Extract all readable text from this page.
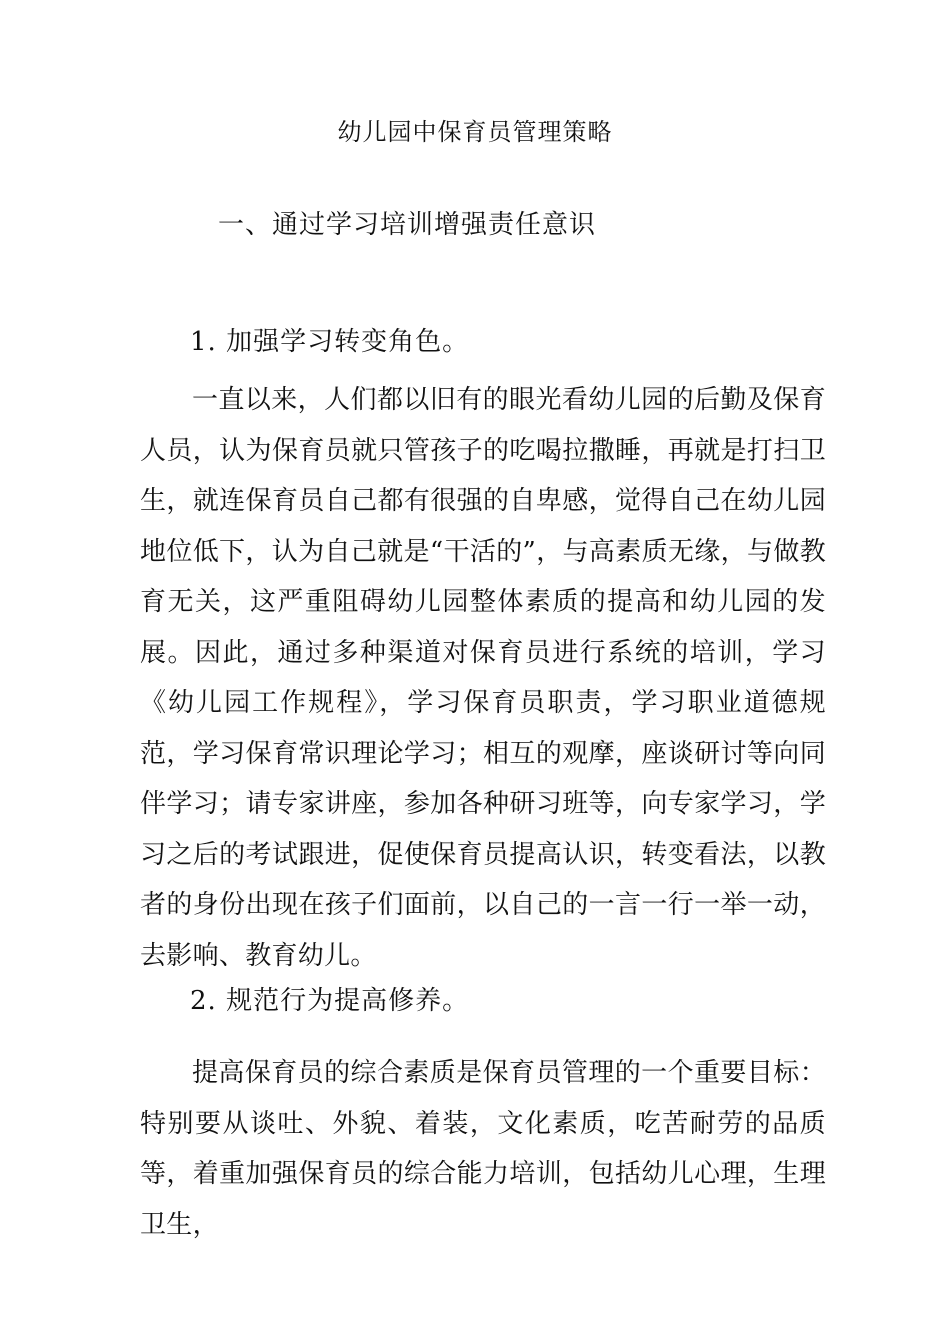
幼儿园中保育员管理策略
一、通过学习培训增强责任意识
1. 加强学习转变角色。

一直以来，人们都以旧有的眼光看幼儿园的后勤及保育人员，认为保育员就只管孩子的吃喝拉撒睡，再就是打扫卫生，就连保育员自己都有很强的自卑感，觉得自己在幼儿园地位低下，认为自己就是“干活的”，与高素质无缘，与做教育无关，这严重阻碍幼儿园整体素质的提高和幼儿园的发展。因此，通过多种渠道对保育员进行系统的培训，学习《幼儿园工作规程》，学习保育员职责，学习职业道德规范，学习保育常识理论学习；相互的观摩，座谈研讨等向同伴学习；请专家讲座，参加各种研习班等，向专家学习，学习之后的考试跟进，促使保育员提高认识，转变看法，以教者的身份出现在孩子们面前，以自己的一言一行一举一动，去影响、教育幼儿。

2. 规范行为提高修养。

提高保育员的综合素质是保育员管理的一个重要目标：特别要从谈吐、外貌、着装，文化素质，吃苦耐劳的品质等，着重加强保育员的综合能力培训，包括幼儿心理，生理卫生，
